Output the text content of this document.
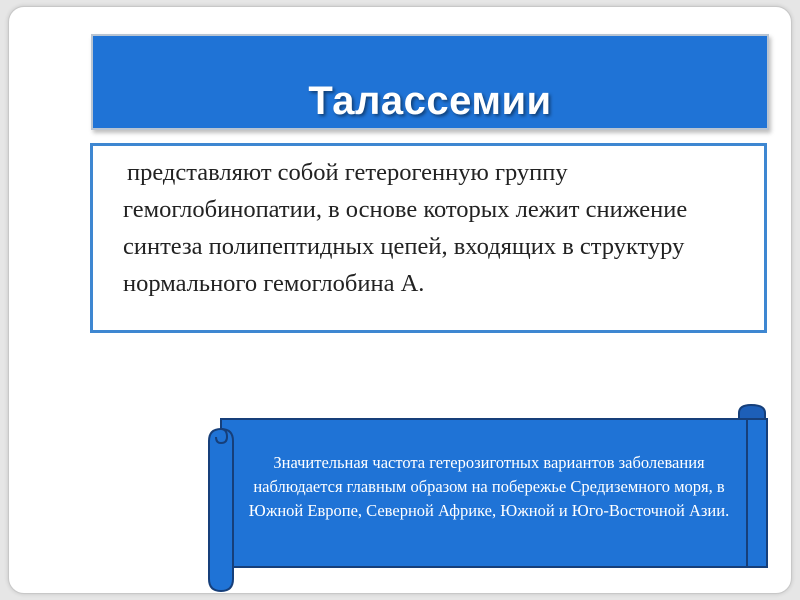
Талассемии

представляют собой гетерогенную группу гемоглобинопатии, в основе которых лежит снижение синтеза полипептидных цепей, входящих в структуру нормального гемоглобина А.

Значительная частота гетерозиготных вариантов заболевания наблюдается главным образом на побережье Средиземного моря, в Южной Европе, Северной Африке, Южной и Юго-Восточной Азии.
